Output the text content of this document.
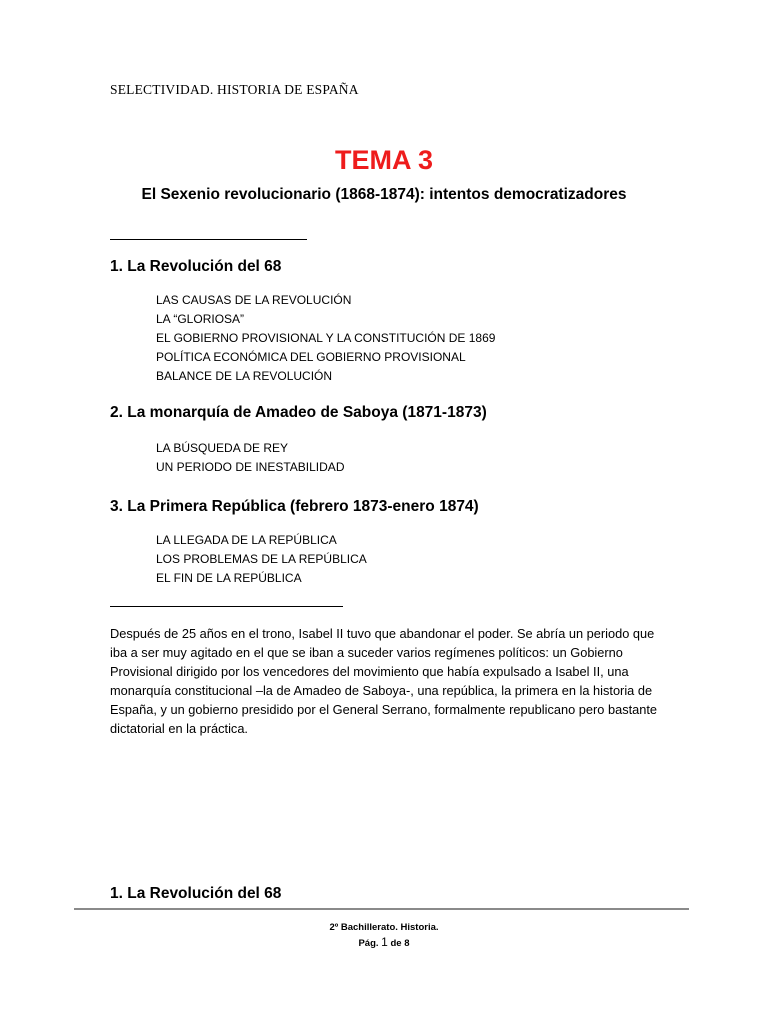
SELECTIVIDAD. HISTORIA DE ESPAÑA
TEMA 3
El Sexenio revolucionario (1868-1874): intentos democratizadores
1. La Revolución del 68
LAS CAUSAS DE LA REVOLUCIÓN
LA “GLORIOSA”
EL GOBIERNO PROVISIONAL Y LA CONSTITUCIÓN DE 1869
POLÍTICA ECONÓMICA DEL GOBIERNO PROVISIONAL
BALANCE DE LA REVOLUCIÓN
2. La monarquía de Amadeo de Saboya (1871-1873)
LA BÚSQUEDA DE REY
UN PERIODO DE INESTABILIDAD
3. La Primera República (febrero 1873-enero 1874)
LA LLEGADA DE LA REPÚBLICA
LOS PROBLEMAS DE LA REPÚBLICA
EL FIN DE LA REPÚBLICA

Después de 25 años en el trono, Isabel II tuvo que abandonar el poder. Se abría un periodo que iba a ser muy agitado en el que se iban a suceder varios regímenes políticos: un Gobierno Provisional dirigido por los vencedores del movimiento que había expulsado a Isabel II, una monarquía constitucional –la de Amadeo de Saboya-, una república, la primera en la historia de España, y un gobierno presidido por el General Serrano, formalmente republicano pero bastante dictatorial en la práctica.

1. La Revolución del 68
2º Bachillerato. Historia.
Pág. 1 de 8
